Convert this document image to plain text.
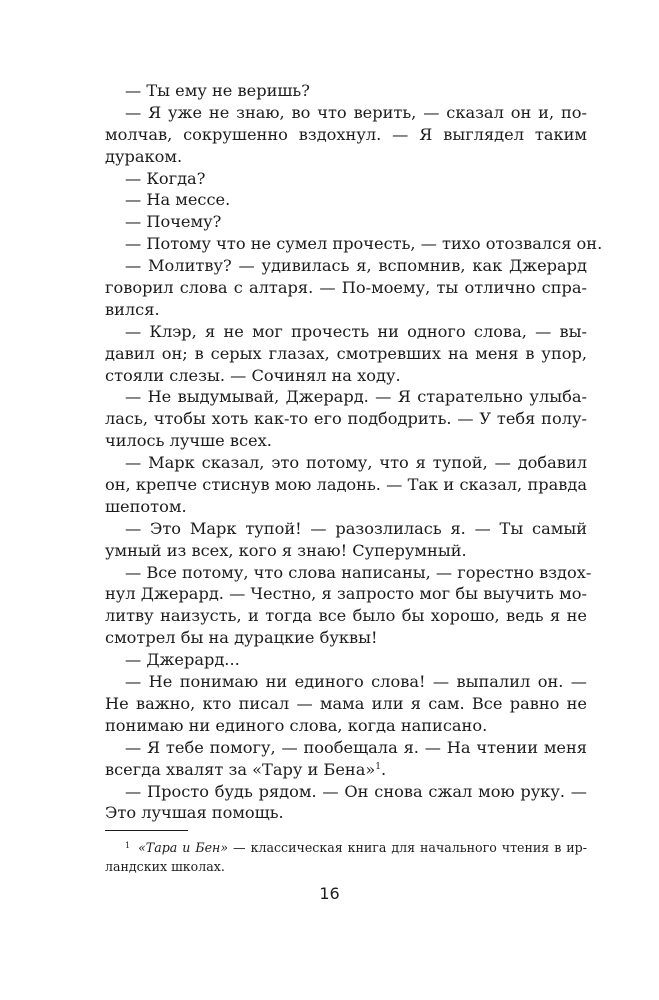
— Ты ему не веришь?
— Я уже не знаю, во что верить, — сказал он и, по-
молчав, сокрушенно вздохнул. — Я выглядел таким
дураком.
— Когда?
— На мессе.
— Почему?
— Потому что не сумел прочесть, — тихо отозвался он.
— Молитву? — удивилась я, вспомнив, как Джерард
говорил слова с алтаря. — По-моему, ты отлично спра-
вился.
— Клэр, я не мог прочесть ни одного слова, — вы-
давил он; в серых глазах, смотревших на меня в упор,
стояли слезы. — Сочинял на ходу.
— Не выдумывай, Джерард. — Я старательно улыба-
лась, чтобы хоть как-то его подбодрить. — У тебя полу-
чилось лучше всех.
— Марк сказал, это потому, что я тупой, — добавил
он, крепче стиснув мою ладонь. — Так и сказал, правда
шепотом.
— Это Марк тупой! — разозлилась я. — Ты самый
умный из всех, кого я знаю! Суперумный.
— Все потому, что слова написаны, — горестно вздох-
нул Джерард. — Честно, я запросто мог бы выучить мо-
литву наизусть, и тогда все было бы хорошо, ведь я не
смотрел бы на дурацкие буквы!
— Джерард...
— Не понимаю ни единого слова! — выпалил он. —
Не важно, кто писал — мама или я сам. Все равно не
понимаю ни единого слова, когда написано.
— Я тебе помогу, — пообещала я. — На чтении меня
всегда хвалят за «Тару и Бена»$^1$.
— Просто будь рядом. — Он снова сжал мою руку. —
Это лучшая помощь.
$^1$ «Тара и Бен» — классическая книга для начального чтения в ир-
ландских школах.
16
